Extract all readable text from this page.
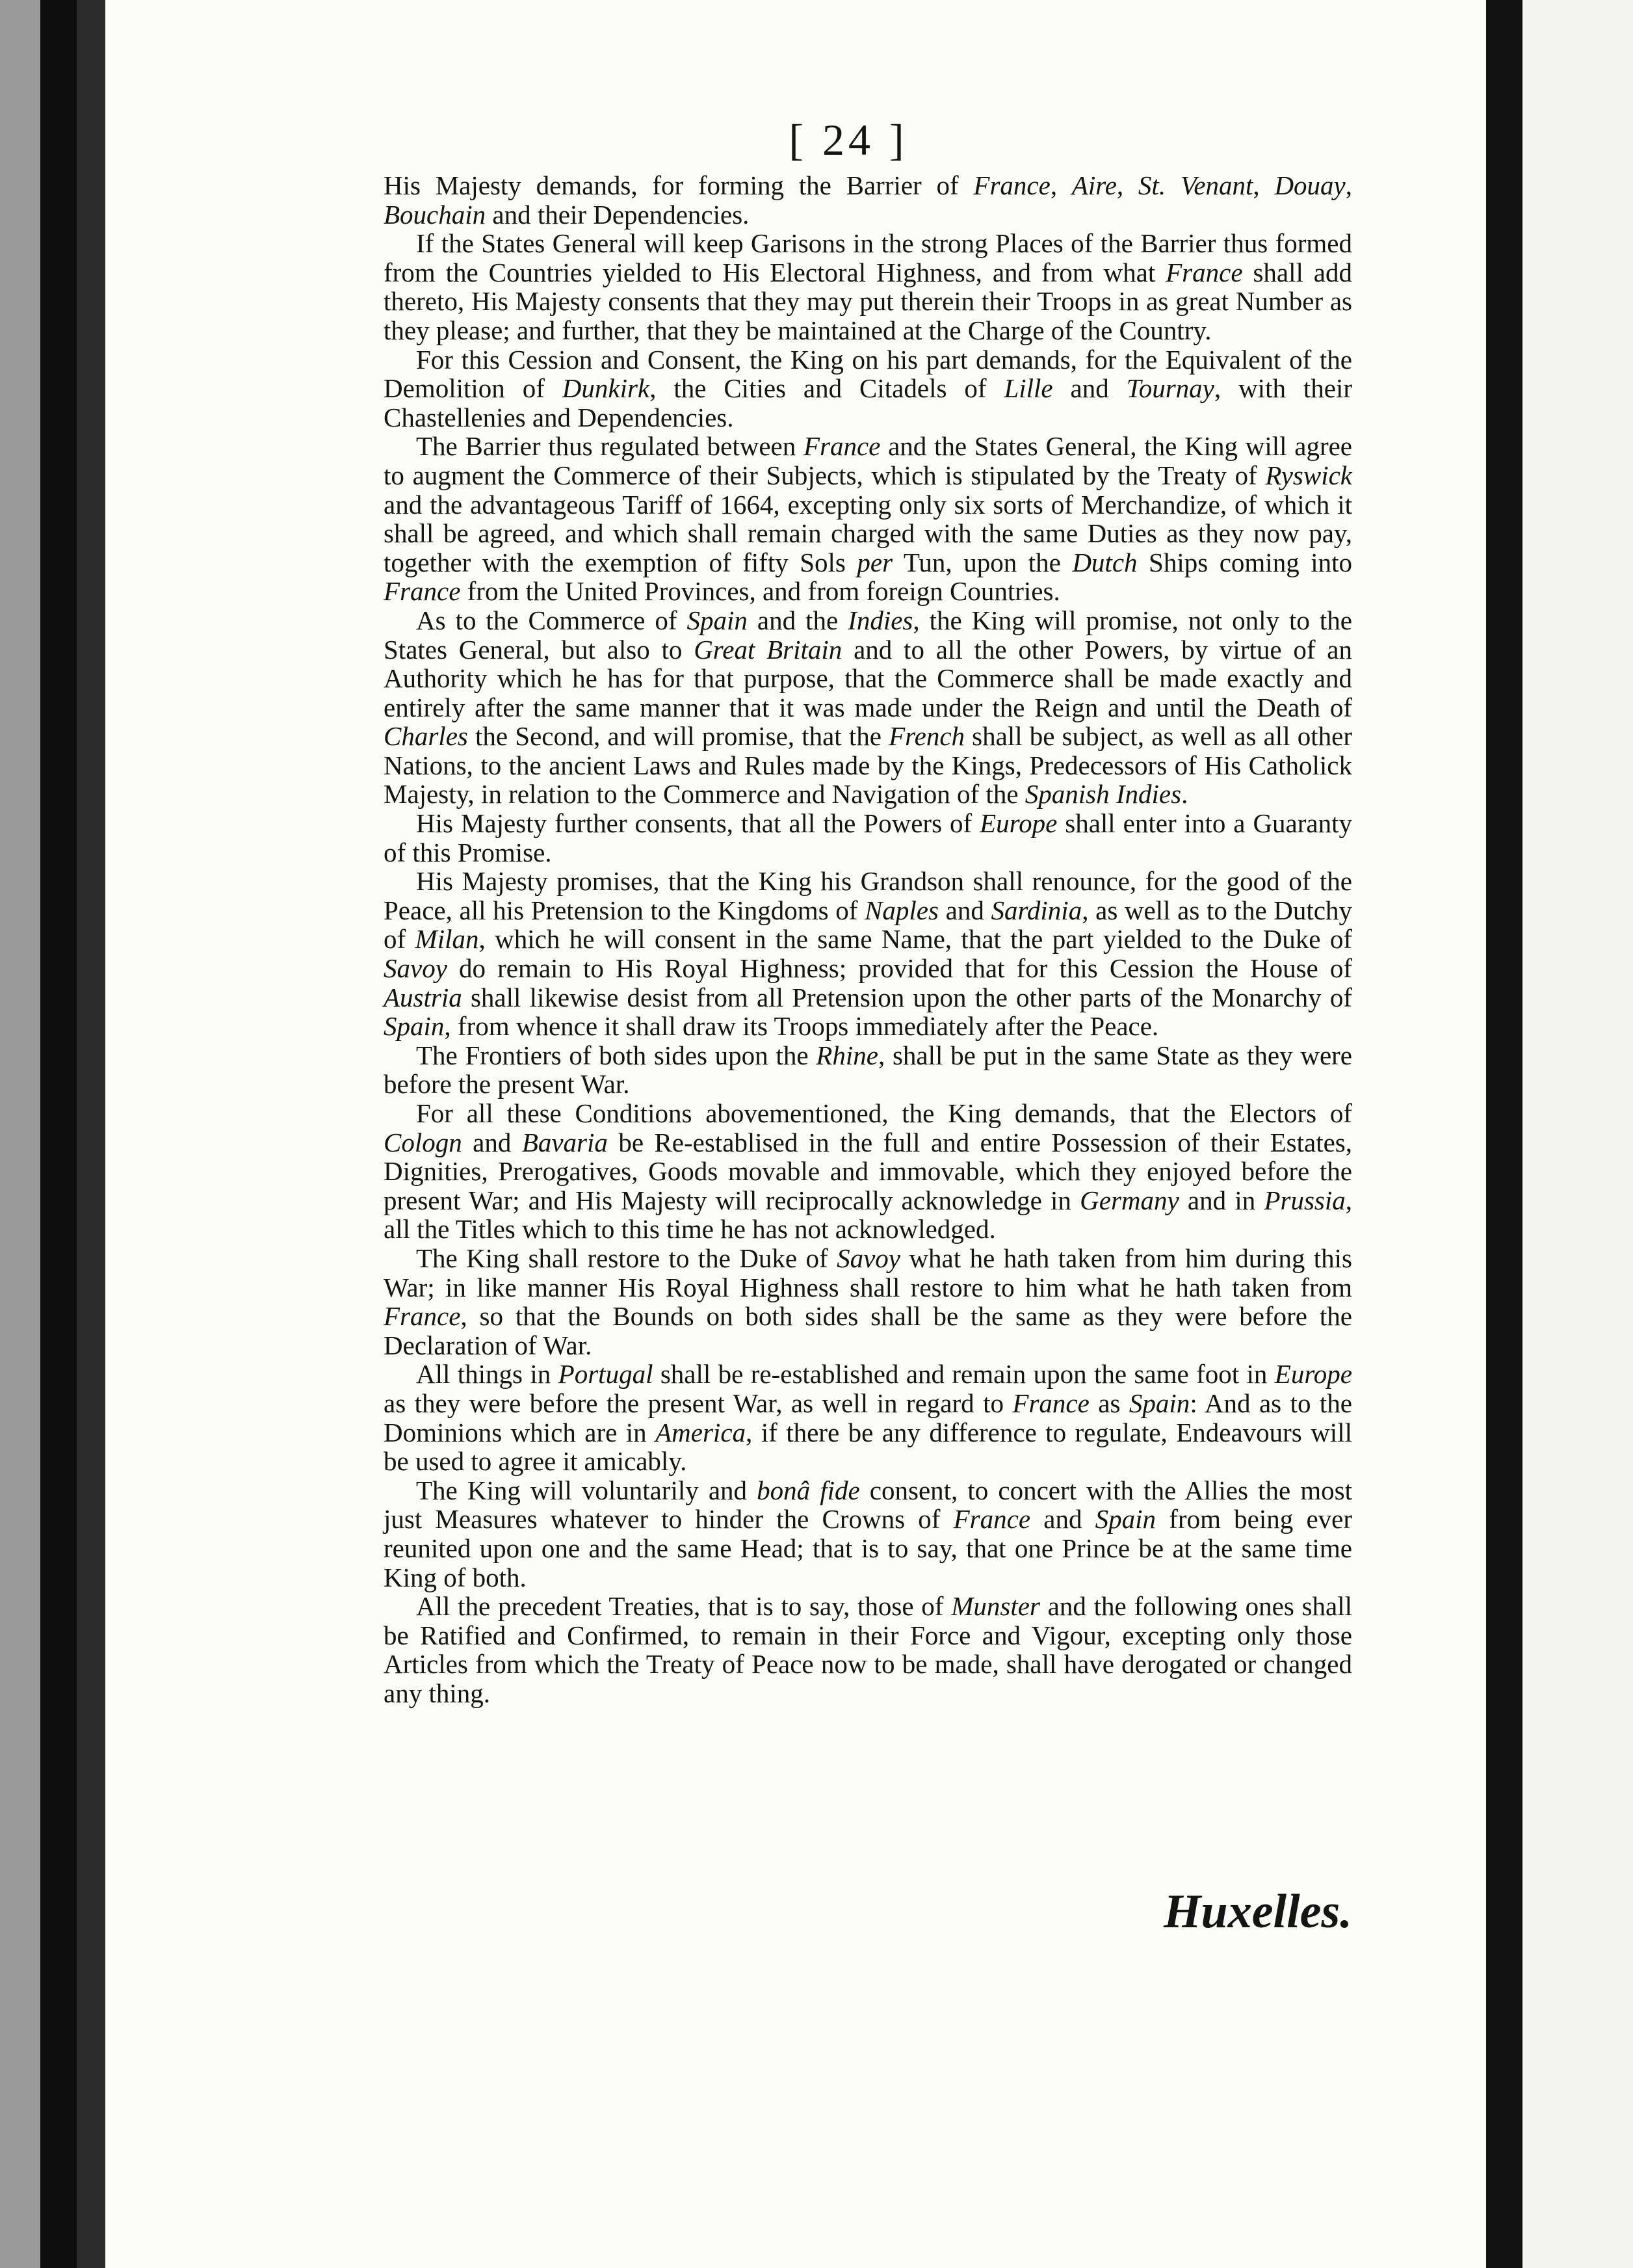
[ 24 ]

His Majesty demands, for forming the Barrier of France, Aire, St. Venant, Douay, Bouchain and their Dependencies.

If the States General will keep Garisons in the strong Places of the Barrier thus formed from the Countries yielded to His Electoral Highness, and from what France shall add thereto, His Majesty consents that they may put therein their Troops in as great Number as they please; and further, that they be maintained at the Charge of the Country.

For this Cession and Consent, the King on his part demands, for the Equivalent of the Demolition of Dunkirk, the Cities and Citadels of Lille and Tournay, with their Chastellenies and Dependencies.

The Barrier thus regulated between France and the States General, the King will agree to augment the Commerce of their Subjects, which is stipulated by the Treaty of Ryswick and the advantageous Tariff of 1664, excepting only six sorts of Merchandize, of which it shall be agreed, and which shall remain charged with the same Duties as they now pay, together with the exemption of fifty Sols per Tun, upon the Dutch Ships coming into France from the United Provinces, and from foreign Countries.

As to the Commerce of Spain and the Indies, the King will promise, not only to the States General, but also to Great Britain and to all the other Powers, by virtue of an Authority which he has for that purpose, that the Commerce shall be made exactly and entirely after the same manner that it was made under the Reign and until the Death of Charles the Second, and will promise, that the French shall be subject, as well as all other Nations, to the ancient Laws and Rules made by the Kings, Predecessors of His Catholick Majesty, in relation to the Commerce and Navigation of the Spanish Indies.

His Majesty further consents, that all the Powers of Europe shall enter into a Guaranty of this Promise.

His Majesty promises, that the King his Grandson shall renounce, for the good of the Peace, all his Pretension to the Kingdoms of Naples and Sardinia, as well as to the Dutchy of Milan, which he will consent in the same Name, that the part yielded to the Duke of Savoy do remain to His Royal Highness; provided that for this Cession the House of Austria shall likewise desist from all Pretension upon the other parts of the Monarchy of Spain, from whence it shall draw its Troops immediately after the Peace.

The Frontiers of both sides upon the Rhine, shall be put in the same State as they were before the present War.

For all these Conditions abovementioned, the King demands, that the Electors of Cologn and Bavaria be Re-establised in the full and entire Possession of their Estates, Dignities, Prerogatives, Goods movable and immovable, which they enjoyed before the present War; and His Majesty will reciprocally acknowledge in Germany and in Prussia, all the Titles which to this time he has not acknowledged.

The King shall restore to the Duke of Savoy what he hath taken from him during this War; in like manner His Royal Highness shall restore to him what he hath taken from France, so that the Bounds on both sides shall be the same as they were before the Declaration of War.

All things in Portugal shall be re-established and remain upon the same foot in Europe as they were before the present War, as well in regard to France as Spain: And as to the Dominions which are in America, if there be any difference to regulate, Endeavours will be used to agree it amicably.

The King will voluntarily and bonâ fide consent, to concert with the Allies the most just Measures whatever to hinder the Crowns of France and Spain from being ever reunited upon one and the same Head; that is to say, that one Prince be at the same time King of both.

All the precedent Treaties, that is to say, those of Munster and the following ones shall be Ratified and Confirmed, to remain in their Force and Vigour, excepting only those Articles from which the Treaty of Peace now to be made, shall have derogated or changed any thing.

Huxelles.
